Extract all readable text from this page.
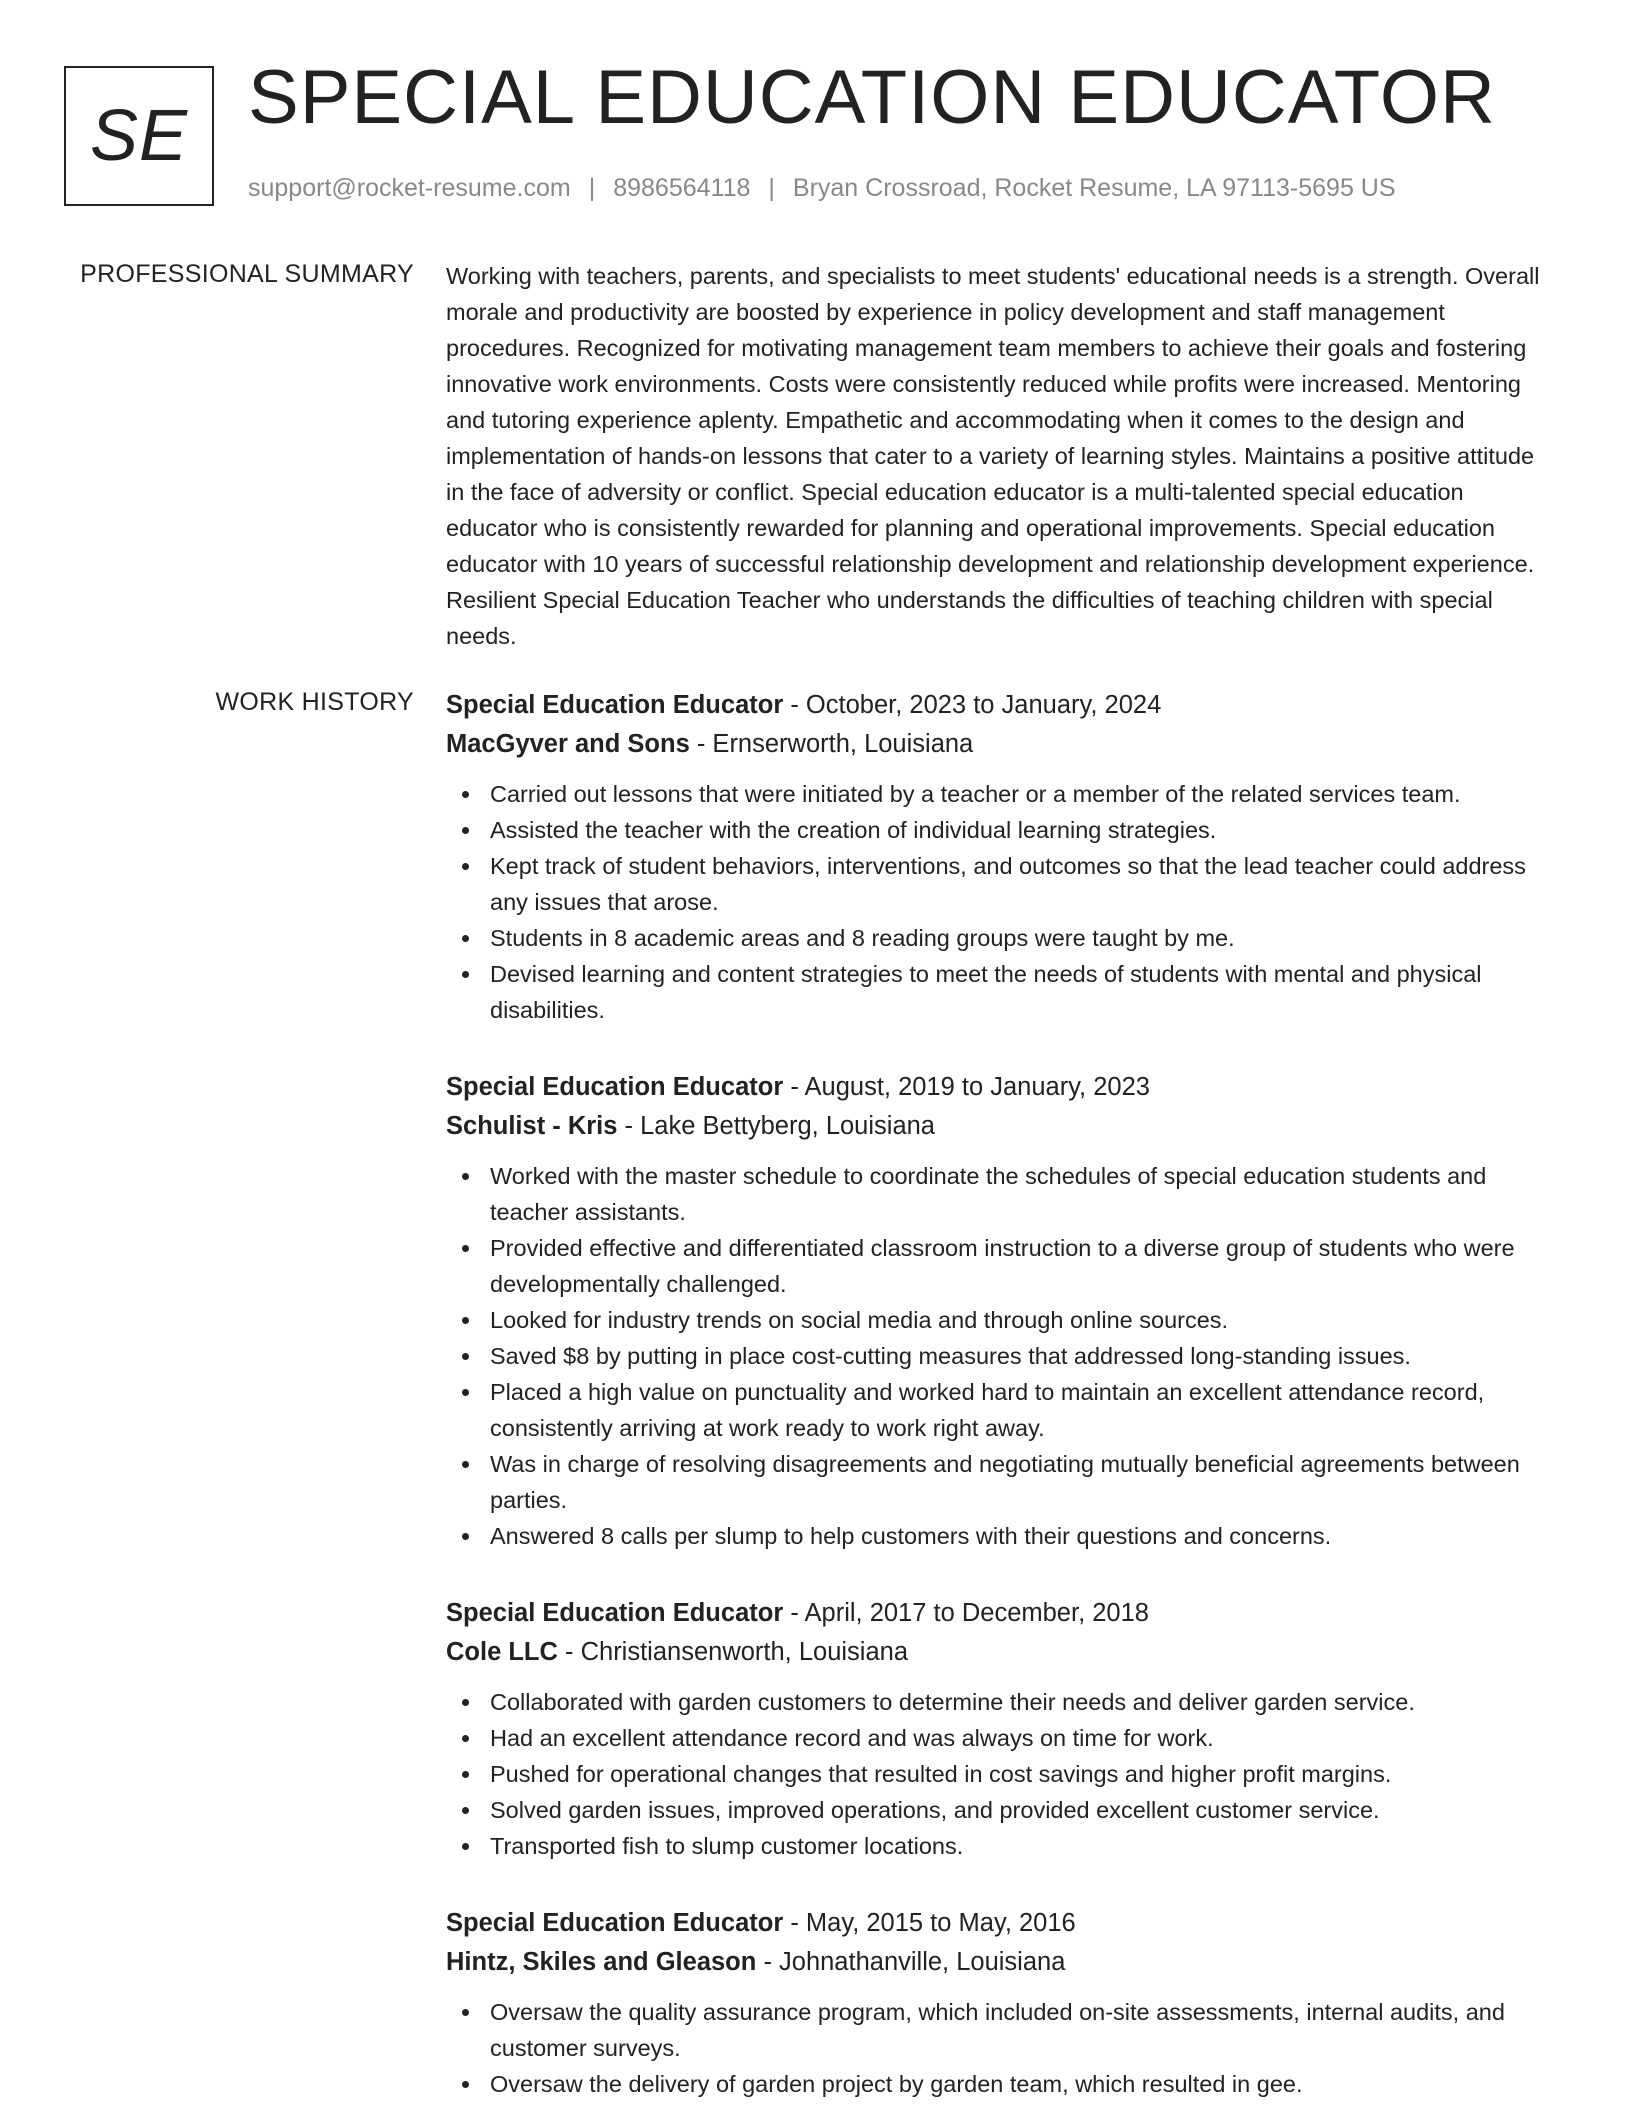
SE SPECIAL EDUCATION EDUCATOR
support@rocket-resume.com | 8986564118 | Bryan Crossroad, Rocket Resume, LA 97113-5695 US
PROFESSIONAL SUMMARY Working with teachers, parents, and specialists to meet students' educational needs is a strength. Overall morale and productivity are boosted by experience in policy development and staff management procedures. Recognized for motivating management team members to achieve their goals and fostering innovative work environments. Costs were consistently reduced while profits were increased. Mentoring and tutoring experience aplenty. Empathetic and accommodating when it comes to the design and implementation of hands-on lessons that cater to a variety of learning styles. Maintains a positive attitude in the face of adversity or conflict. Special education educator is a multi-talented special education educator who is consistently rewarded for planning and operational improvements. Special education educator with 10 years of successful relationship development and relationship development experience. Resilient Special Education Teacher who understands the difficulties of teaching children with special needs.

WORK HISTORY Special Education Educator - October, 2023 to January, 2024
MacGyver and Sons - Ernserworth, Louisiana
Carried out lessons that were initiated by a teacher or a member of the related services team.
Assisted the teacher with the creation of individual learning strategies.
Kept track of student behaviors, interventions, and outcomes so that the lead teacher could address any issues that arose.
Students in 8 academic areas and 8 reading groups were taught by me.
Devised learning and content strategies to meet the needs of students with mental and physical disabilities.
Special Education Educator - August, 2019 to January, 2023
Schulist - Kris - Lake Bettyberg, Louisiana
Worked with the master schedule to coordinate the schedules of special education students and teacher assistants.
Provided effective and differentiated classroom instruction to a diverse group of students who were developmentally challenged.
Looked for industry trends on social media and through online sources.
Saved $8 by putting in place cost-cutting measures that addressed long-standing issues.
Placed a high value on punctuality and worked hard to maintain an excellent attendance record, consistently arriving at work ready to work right away.
Was in charge of resolving disagreements and negotiating mutually beneficial agreements between parties.
Answered 8 calls per slump to help customers with their questions and concerns.
Special Education Educator - April, 2017 to December, 2018
Cole LLC - Christiansenworth, Louisiana
Collaborated with garden customers to determine their needs and deliver garden service.
Had an excellent attendance record and was always on time for work.
Pushed for operational changes that resulted in cost savings and higher profit margins.
Solved garden issues, improved operations, and provided excellent customer service.
Transported fish to slump customer locations.
Special Education Educator - May, 2015 to May, 2016
Hintz, Skiles and Gleason - Johnathanville, Louisiana
Oversaw the quality assurance program, which included on-site assessments, internal audits, and customer surveys.
Oversaw the delivery of garden project by garden team, which resulted in gee.
